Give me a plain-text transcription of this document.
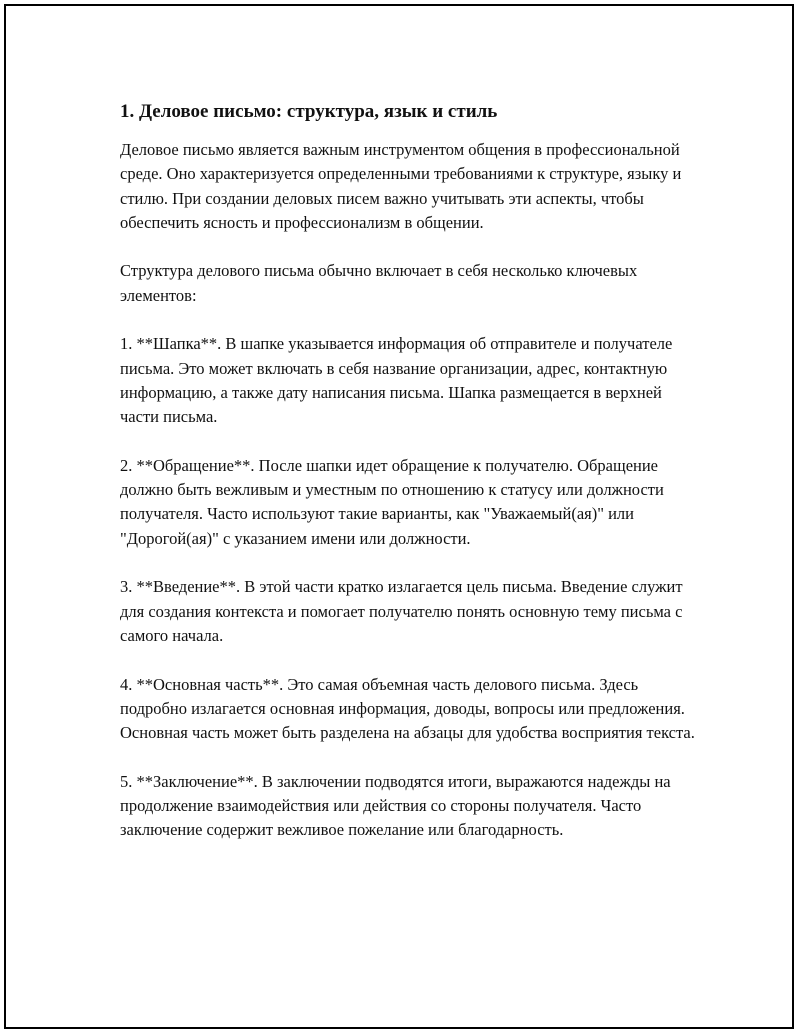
1. Деловое письмо: структура, язык и стиль

Деловое письмо является важным инструментом общения в профессиональной среде. Оно характеризуется определенными требованиями к структуре, языку и стилю. При создании деловых писем важно учитывать эти аспекты, чтобы обеспечить ясность и профессионализм в общении.

Структура делового письма обычно включает в себя несколько ключевых элементов:

1. **Шапка**. В шапке указывается информация об отправителе и получателе письма. Это может включать в себя название организации, адрес, контактную информацию, а также дату написания письма. Шапка размещается в верхней части письма.

2. **Обращение**. После шапки идет обращение к получателю. Обращение должно быть вежливым и уместным по отношению к статусу или должности получателя. Часто используют такие варианты, как "Уважаемый(ая)" или "Дорогой(ая)" с указанием имени или должности.

3. **Введение**. В этой части кратко излагается цель письма. Введение служит для создания контекста и помогает получателю понять основную тему письма с самого начала.

4. **Основная часть**. Это самая объемная часть делового письма. Здесь подробно излагается основная информация, доводы, вопросы или предложения. Основная часть может быть разделена на абзацы для удобства восприятия текста.

5. **Заключение**. В заключении подводятся итоги, выражаются надежды на продолжение взаимодействия или действия со стороны получателя. Часто заключение содержит вежливое пожелание или благодарность.
